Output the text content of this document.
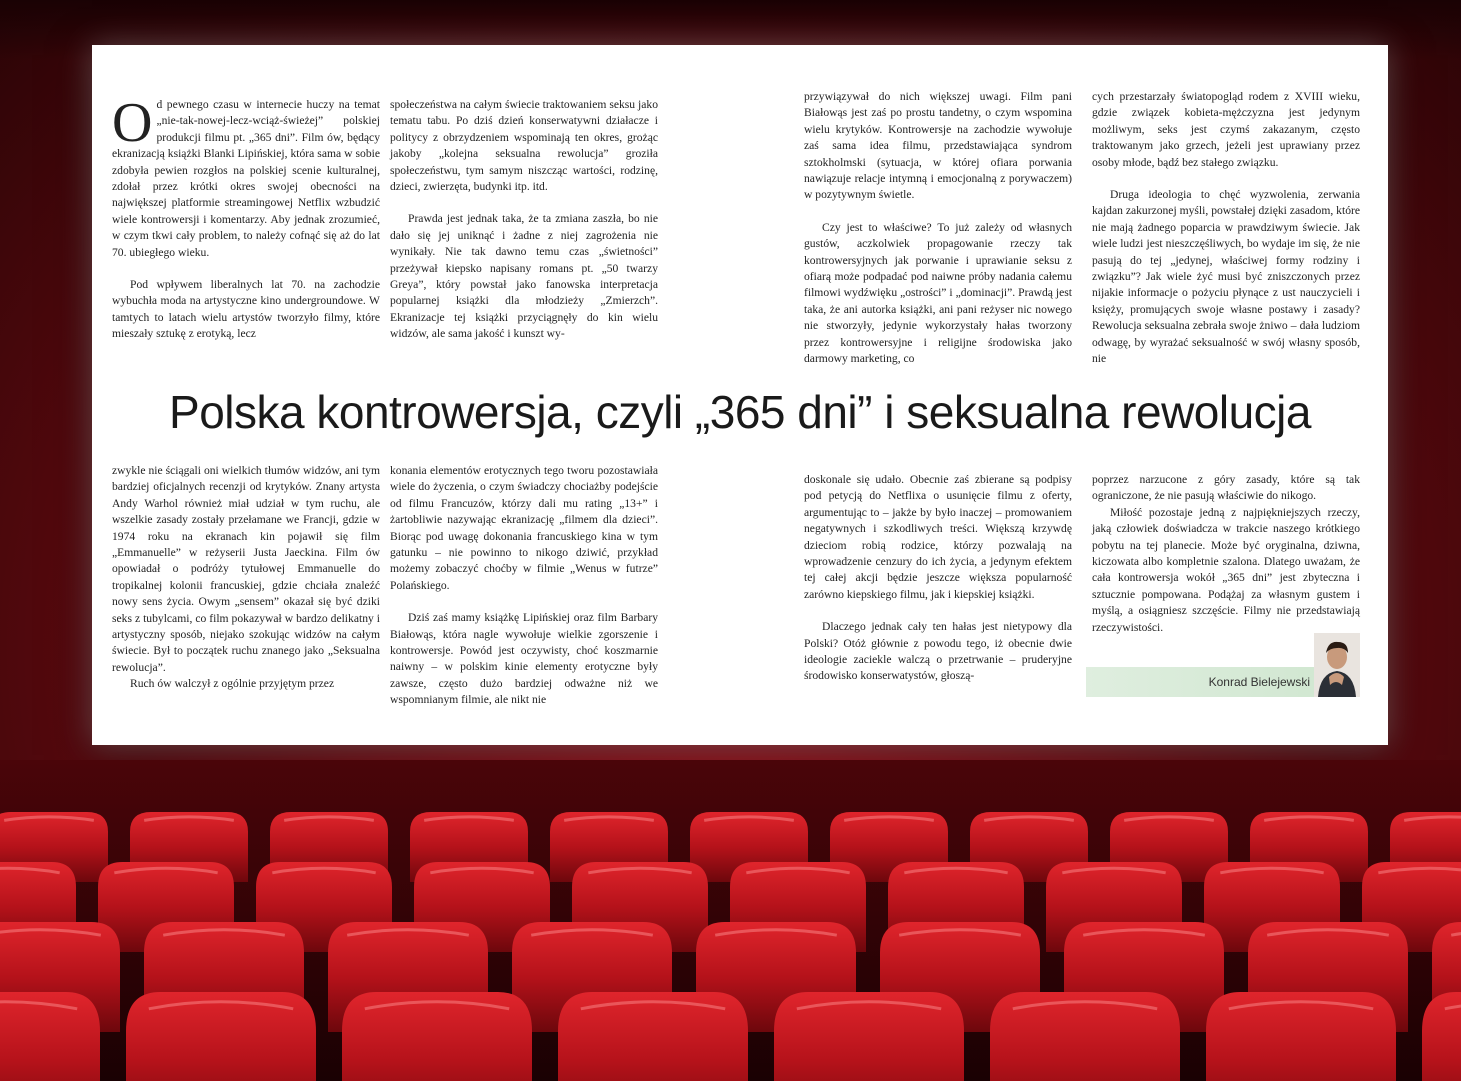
Od pewnego czasu w internecie huczy na temat „nie-tak-nowej-lecz-wciąż-świeżej” polskiej produkcji filmu pt. „365 dni”. Film ów, będący ekranizacją książki Blanki Lipińskiej, która sama w sobie zdobyła pewien rozgłos na polskiej scenie kulturalnej, zdołał przez krótki okres swojej obecności na największej platformie streamingowej Netflix wzbudzić wiele kontrowersji i komentarzy. Aby jednak zrozumieć, w czym tkwi cały problem, to należy cofnąć się aż do lat 70. ubiegłego wieku.

Pod wpływem liberalnych lat 70. na zachodzie wybuchła moda na artystyczne kino undergroundowe. W tamtych to latach wielu artystów tworzyło filmy, które mieszały sztukę z erotyką, lecz

społeczeństwa na całym świecie traktowaniem seksu jako tematu tabu. Po dziś dzień konserwatywni działacze i politycy z obrzydzeniem wspominają ten okres, grożąc jakoby „kolejna seksualna rewolucja” groziła społeczeństwu, tym samym niszcząc wartości, rodzinę, dzieci, zwierzęta, budynki itp. itd.

Prawda jest jednak taka, że ta zmiana zaszła, bo nie dało się jej uniknąć i żadne z niej zagrożenia nie wynikały. Nie tak dawno temu czas „świetności” przeżywał kiepsko napisany romans pt. „50 twarzy Greya”, który powstał jako fanowska interpretacja popularnej książki dla młodzieży „Zmierzch”. Ekranizacje tej książki przyciągnęły do kin wielu widzów, ale sama jakość i kunszt wy-

przywiązywał do nich większej uwagi. Film pani Białowąs jest zaś po prostu tandetny, o czym wspomina wielu krytyków. Kontrowersje na zachodzie wywołuje zaś sama idea filmu, przedstawiająca syndrom sztokholmski (sytuacja, w której ofiara porwania nawiązuje relacje intymną i emocjonalną z porywaczem) w pozytywnym świetle.

Czy jest to właściwe? To już zależy od własnych gustów, aczkolwiek propagowanie rzeczy tak kontrowersyjnych jak porwanie i uprawianie seksu z ofiarą może podpadać pod naiwne próby nadania całemu filmowi wydźwięku „ostrości” i „dominacji”. Prawdą jest taka, że ani autorka książki, ani pani reżyser nic nowego nie stworzyły, jedynie wykorzystały hałas tworzony przez kontrowersyjne i religijne środowiska jako darmowy marketing, co

cych przestarzały światopogląd rodem z XVIII wieku, gdzie związek kobieta-mężczyzna jest jedynym możliwym, seks jest czymś zakazanym, często traktowanym jako grzech, jeżeli jest uprawiany przez osoby młode, bądź bez stałego związku.

Druga ideologia to chęć wyzwolenia, zerwania kajdan zakurzonej myśli, powstałej dzięki zasadom, które nie mają żadnego poparcia w prawdziwym świecie. Jak wiele ludzi jest nieszczęśliwych, bo wydaje im się, że nie pasują do tej „jedynej, właściwej formy rodziny i związku”? Jak wiele żyć musi być zniszczonych przez nijakie informacje o pożyciu płynące z ust nauczycieli i księży, promujących swoje własne postawy i zasady? Rewolucja seksualna zebrała swoje żniwo – dała ludziom odwagę, by wyrażać seksualność w swój własny sposób, nie

Polska kontrowersja, czyli „365 dni” i seksualna rewolucja

zwykle nie ściągali oni wielkich tłumów widzów, ani tym bardziej oficjalnych recenzji od krytyków. Znany artysta Andy Warhol również miał udział w tym ruchu, ale wszelkie zasady zostały przełamane we Francji, gdzie w 1974 roku na ekranach kin pojawił się film „Emmanuelle” w reżyserii Justa Jaeckina. Film ów opowiadał o podróży tytułowej Emmanuelle do tropikalnej kolonii francuskiej, gdzie chciała znaleźć nowy sens życia. Owym „sensem” okazał się być dziki seks z tubylcami, co film pokazywał w bardzo delikatny i artystyczny sposób, niejako szokując widzów na całym świecie. Był to początek ruchu znanego jako „Seksualna rewolucja”.

Ruch ów walczył z ogólnie przyjętym przez

konania elementów erotycznych tego tworu pozostawiała wiele do życzenia, o czym świadczy chociażby podejście od filmu Francuzów, którzy dali mu rating „13+” i żartobliwie nazywając ekranizację „filmem dla dzieci”. Biorąc pod uwagę dokonania francuskiego kina w tym gatunku – nie powinno to nikogo dziwić, przykład możemy zobaczyć choćby w filmie „Wenus w futrze” Polańskiego.

Dziś zaś mamy książkę Lipińskiej oraz film Barbary Białowąs, która nagle wywołuje wielkie zgorszenie i kontrowersje. Powód jest oczywisty, choć koszmarnie naiwny – w polskim kinie elementy erotyczne były zawsze, często dużo bardziej odważne niż we wspomnianym filmie, ale nikt nie

doskonale się udało. Obecnie zaś zbierane są podpisy pod petycją do Netflixa o usunięcie filmu z oferty, argumentując to – jakże by było inaczej – promowaniem negatywnych i szkodliwych treści. Większą krzywdę dzieciom robią rodzice, którzy pozwalają na wprowadzenie cenzury do ich życia, a jedynym efektem tej całej akcji będzie jeszcze większa popularność zarówno kiepskiego filmu, jak i kiepskiej książki.

Dlaczego jednak cały ten hałas jest nietypowy dla Polski? Otóż głównie z powodu tego, iż obecnie dwie ideologie zaciekle walczą o przetrwanie – pruderyjne środowisko konserwatystów, głoszą-

poprzez narzucone z góry zasady, które są tak ograniczone, że nie pasują właściwie do nikogo.

Miłość pozostaje jedną z najpiękniejszych rzeczy, jaką człowiek doświadcza w trakcie naszego krótkiego pobytu na tej planecie. Może być oryginalna, dziwna, kiczowata albo kompletnie szalona. Dlatego uważam, że cała kontrowersja wokół „365 dni” jest zbyteczna i sztucznie pompowana. Podążaj za własnym gustem i myślą, a osiągniesz szczęście. Filmy nie przedstawiają rzeczywistości.

Konrad Bielejewski
